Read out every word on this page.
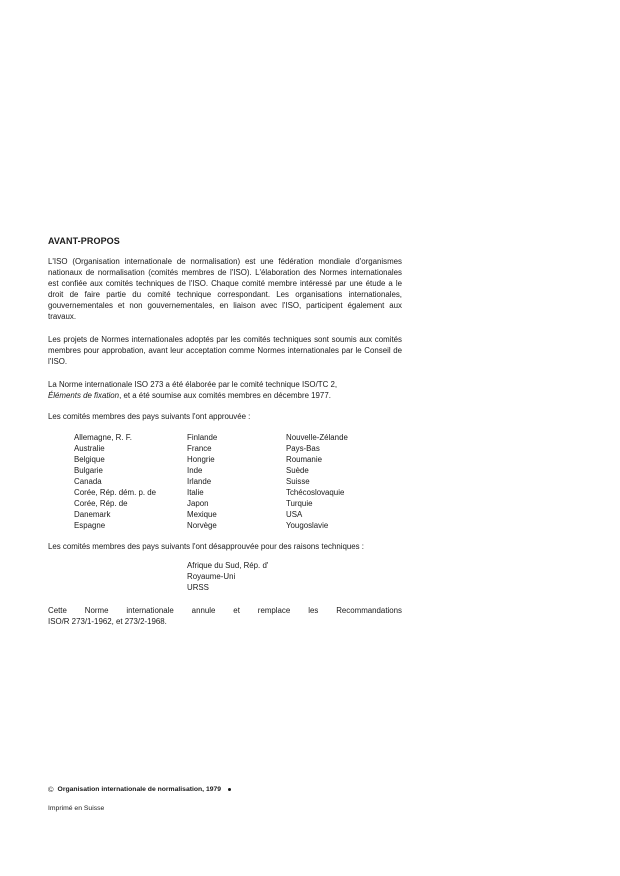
AVANT-PROPOS

L'ISO (Organisation internationale de normalisation) est une fédération mondiale d'organismes nationaux de normalisation (comités membres de l'ISO). L'élaboration des Normes internationales est confiée aux comités techniques de l'ISO. Chaque comité membre intéressé par une étude a le droit de faire partie du comité technique correspondant. Les organisations internationales, gouvernementales et non gouvernementales, en liaison avec l'ISO, participent également aux travaux.

Les projets de Normes internationales adoptés par les comités techniques sont soumis aux comités membres pour approbation, avant leur acceptation comme Normes internationales par le Conseil de l'ISO.

La Norme internationale ISO 273 a été élaborée par le comité technique ISO/TC 2,
Éléments de fixation, et a été soumise aux comités membres en décembre 1977.

Les comités membres des pays suivants l'ont approuvée :

Allemagne, R. F.
Australie
Belgique
Bulgarie
Canada
Corée, Rép. dém. p. de
Corée, Rép. de
Danemark
Espagne
Finlande
France
Hongrie
Inde
Irlande
Italie
Japon
Mexique
Norvège
Nouvelle-Zélande
Pays-Bas
Roumanie
Suède
Suisse
Tchécoslovaquie
Turquie
USA
Yougoslavie

Les comités membres des pays suivants l'ont désapprouvée pour des raisons techniques :

Afrique du Sud, Rép. d'
Royaume-Uni
URSS

Cette Norme internationale annule et remplace les Recommandations
ISO/R 273/1-1962, et 273/2-1968.

© Organisation internationale de normalisation, 1979
Imprimé en Suisse
